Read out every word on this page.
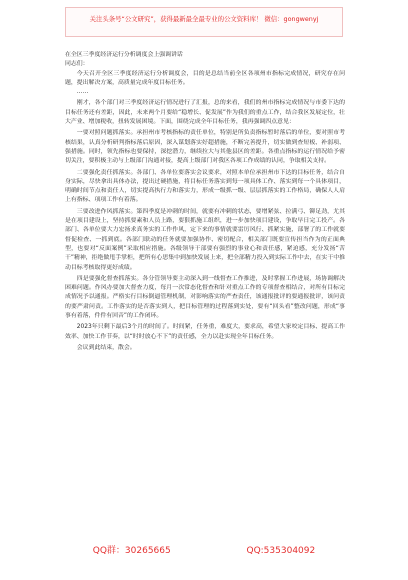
关注头条号“公文研究”，获得最新最全最专业的公文资料库！ 微信：gongwenyj

在全区三季度经济运行分析调度会上强调讲话

同志们：

今天召开全区三季度经济运行分析调度会，目的是总结当前全区各项州市指标完成情况，研究存在问题，提出解决方案，高质量完成年度目标任务。

……

刚才，各个部门对三季度经济运行情况进行了汇报，总的来看，我们的州市指标完成情况与市委下达的目标任务还有差距，因此，未来两个月要给“稳增长、促发展”作为我们的重点工作，结合我区发展定位，壮大产业、增加税收，扭转发展困境。下面，围绕完成全年目标任务，我再强调四点意见：

一要对照问题抓落实。承担州市考核指标的责任单位，特别是所负责指标暂时落后的单位，要对照市考核结果，认真分析研判指标落后原因，深入谋划落实好超措施，不断完善提升，切实做到查短板、补弱项、强措施。同时，领先指标也要保持，深挖潜力，继续拉大与其他县区的差距。各重点指标的运行情况给予密切关注，要积极主动与上级部门沟通对接，提高上级部门对我区各项工作成绩的认同，争取相关支持。

二要强化责任抓落实。各部门、各单位要落实会议要求，对照本单位承担州市下达的目标任务，结合自身实际，尽快拿出具体办法，提出过硬措施，将目标任务落实到每一项具体工作、落实到每一个具体项目，明确时间节点和责任人，切实提高执行力和落实力，形成一级抓一级、层层抓落实的工作格局，确保人人肩上有指标、项项工作有着落。

三要改进作风抓落实。第四季度是冲刺的时间，就要有冲刺的状态，要增紧弦、拉满弓、铆足劲，尤其是在项目建设上，坚持抓要素和人员上路，要狠抓施工组织，进一步加快项目建设，争取早日完工投产。各部门、各单位要大力宏扬求真务实的工作作风，定下来的事情就要雷厉风行、抓紧实施，部署了的工作就要督促检查、一抓到底。各部门联动的任务就要加强协作、密切配合，相关部门既要宣传担当作为的正面典型，也要对“反面案例”采取相应措施。各级领导干部要有强烈的事业心和责任感，紧迫感，充分发扬“苦干”精神，拒绝做甩手掌柜，把所有心思集中到加快发展上来，把全部精力投入到实际工作中去，在实干中推动目标考核取得更好成绩。

四是要强化督查抓落实。各分管领导要主动深入到一线督查工作推进，及时掌握工作进展，场协调解决困难问题。作风办要加大督查力度，每月一次常态化督查和针对重点工作的专项督查相结合，对所有目标完成情况予以通报。严格实行目标倒逼管理机制，对影响落实的严查责任，该通报批评的要通报批评，该问责的要严肃问责。工作落实的是否落实到人，把目标管理的过程落到实处，要有“回头看”整改问题，形成“事事有着落，件件有回音”的工作闭环。

2023年只剩下最后3个月的时间了。时间紧，任务重，难度大，要求高，希望大家咬定目标、提高工作效率、加快工作节奏，以“时时放心不下”的责任感，全力以赴实现全年目标任务。

会议到此结束，散会。

QQ群：30265665	QQ:535304092
